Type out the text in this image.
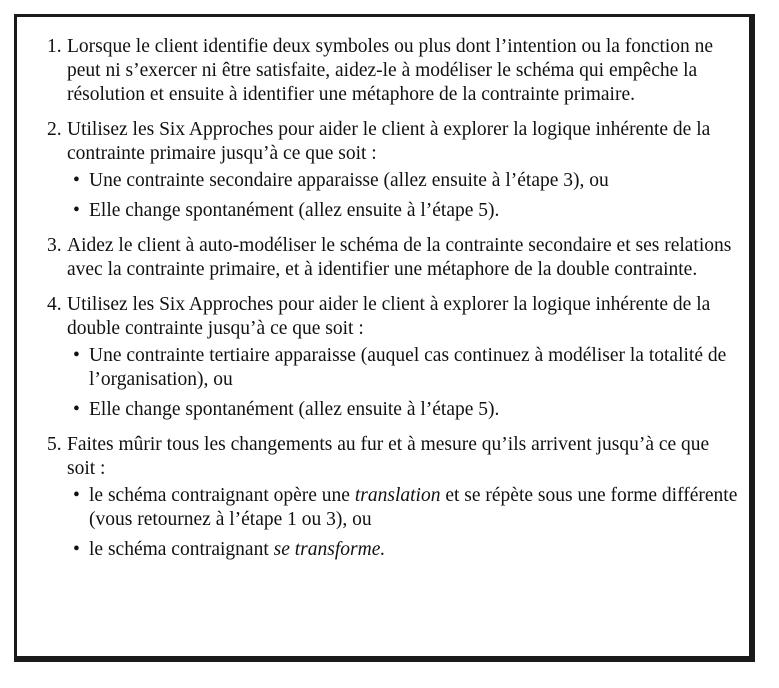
1. Lorsque le client identifie deux symboles ou plus dont l’intention ou la fonction ne peut ni s’exercer ni être satisfaite, aidez-le à modéliser le schéma qui empêche la résolution et ensuite à identifier une métaphore de la contrainte primaire.
2. Utilisez les Six Approches pour aider le client à explorer la logique inhérente de la contrainte primaire jusqu’à ce que soit :
• Une contrainte secondaire apparaisse (allez ensuite à l’étape 3), ou
• Elle change spontanément (allez ensuite à l’étape 5).
3. Aidez le client à auto-modéliser le schéma de la contrainte secondaire et ses relations avec la contrainte primaire, et à identifier une métaphore de la double contrainte.
4. Utilisez les Six Approches pour aider le client à explorer la logique inhérente de la double contrainte jusqu’à ce que soit :
• Une contrainte tertiaire apparaisse (auquel cas continuez à modéliser la totalité de l’organisation), ou
• Elle change spontanément (allez ensuite à l’étape 5).
5. Faites mûrir tous les changements au fur et à mesure qu’ils arrivent jusqu’à ce que soit :
• le schéma contraignant opère une translation et se répète sous une forme différente (vous retournez à l’étape 1 ou 3), ou
• le schéma contraignant se transforme.
